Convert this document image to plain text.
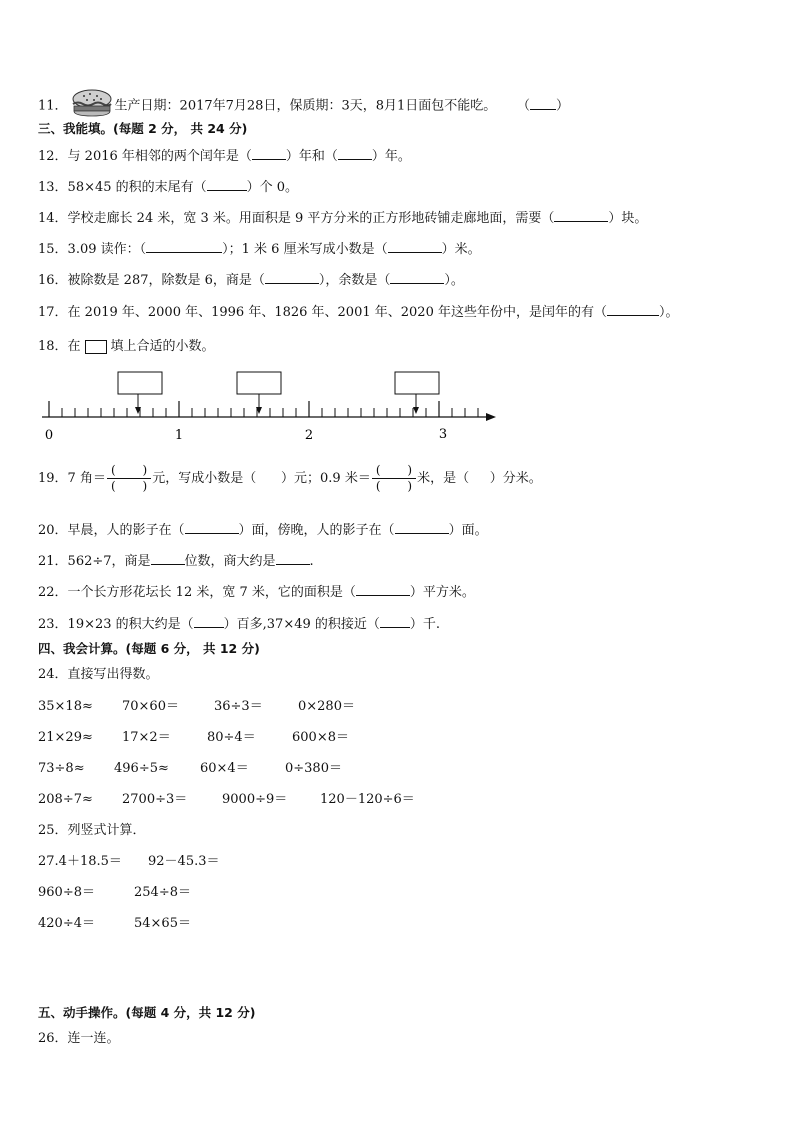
11．	生产日期：2017年7月28日，保质期：3天，8月1日面包不能吃。 （ ）
三、我能填。(每题 2 分， 共 24 分)
12．与 2016 年相邻的两个闰年是（	）年和（	）年。
13．58×45 的积的末尾有（	）个 0。
14．学校走廊长 24 米，宽 3 米。用面积是 9 平方分米的正方形地砖铺走廊地面，需要（	）块。
15．3.09 读作：（	）；1 米 6 厘米写成小数是（	）米。
16．被除数是 287，除数是 6，商是（	），余数是（	）。
17．在 2019 年、2000 年、1996 年、1826 年、2001 年、2020 年这些年份中，是闰年的有（	）。
18．在 填上合适的小数。
0	1	2	3
19．7 角＝ $\frac{( )}{( )}$ 元，写成小数是（ ）元；0.9 米＝ $\frac{( )}{( )}$ 米，是（ ）分米。
20．早晨，人的影子在（	）面，傍晚，人的影子在（	）面。
21．562÷7，商是	位数，商大约是	.
22．一个长方形花坛长 12 米，宽 7 米，它的面积是（	）平方米。
23．19×23 的积大约是（ ）百多,37×49 的积接近（ ）千.
四、我会计算。(每题 6 分， 共 12 分)
24．直接写出得数。
35×18≈ 70×60＝	36÷3＝	0×280＝
21×29≈ 17×2＝	80÷4＝	600×8＝
73÷8≈ 496÷5≈ 60×4＝	0÷380＝
208÷7≈ 2700÷3＝	9000÷9＝	120－120÷6＝
25．列竖式计算．
27.4＋18.5＝ 92－45.3＝
960÷8＝	254÷8＝
420÷4＝	54×65＝
五、动手操作。(每题 4 分，共 12 分)
26．连一连。
